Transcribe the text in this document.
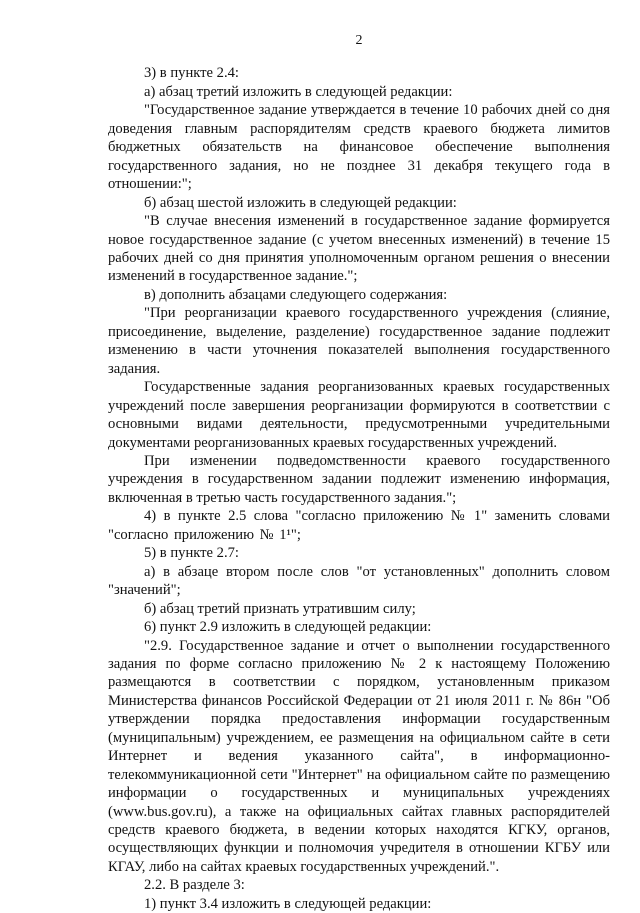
2

3) в пункте 2.4:

а) абзац третий изложить в следующей редакции:

"Государственное задание утверждается в течение 10 рабочих дней со дня доведения главным распорядителям средств краевого бюджета лимитов бюджетных обязательств на финансовое обеспечение выполнения государственного задания, но не позднее 31 декабря текущего года в отношении:";

б) абзац шестой изложить в следующей редакции:

"В случае внесения изменений в государственное задание формируется новое государственное задание (с учетом внесенных изменений) в течение 15 рабочих дней со дня принятия уполномоченным органом решения о внесении изменений в государственное задание.";

в) дополнить абзацами следующего содержания:

"При реорганизации краевого государственного учреждения (слияние, присоединение, выделение, разделение) государственное задание подлежит изменению в части уточнения показателей выполнения государственного задания.

Государственные задания реорганизованных краевых государственных учреждений после завершения реорганизации формируются в соответствии с основными видами деятельности, предусмотренными учредительными документами реорганизованных краевых государственных учреждений.

При изменении подведомственности краевого государственного учреждения в государственном задании подлежит изменению информация, включенная в третью часть государственного задания.";

4) в пункте 2.5 слова "согласно приложению № 1" заменить словами "согласно приложению № 1¹";

5) в пункте 2.7:

а) в абзаце втором после слов "от установленных" дополнить словом "значений";

б) абзац третий признать утратившим силу;

6) пункт 2.9 изложить в следующей редакции:

"2.9. Государственное задание и отчет о выполнении государственного задания по форме согласно приложению № 2 к настоящему Положению размещаются в соответствии с порядком, установленным приказом Министерства финансов Российской Федерации от 21 июля 2011 г. № 86н "Об утверждении порядка предоставления информации государственным (муниципальным) учреждением, ее размещения на официальном сайте в сети Интернет и ведения указанного сайта", в информационно-телекоммуникационной сети "Интернет" на официальном сайте по размещению информации о государственных и муниципальных учреждениях (www.bus.gov.ru), а также на официальных сайтах главных распорядителей средств краевого бюджета, в ведении которых находятся КГКУ, органов, осуществляющих функции и полномочия учредителя в отношении КГБУ или КГАУ, либо на сайтах краевых государственных учреждений.".

2.2. В разделе 3:

1) пункт 3.4 изложить в следующей редакции:
